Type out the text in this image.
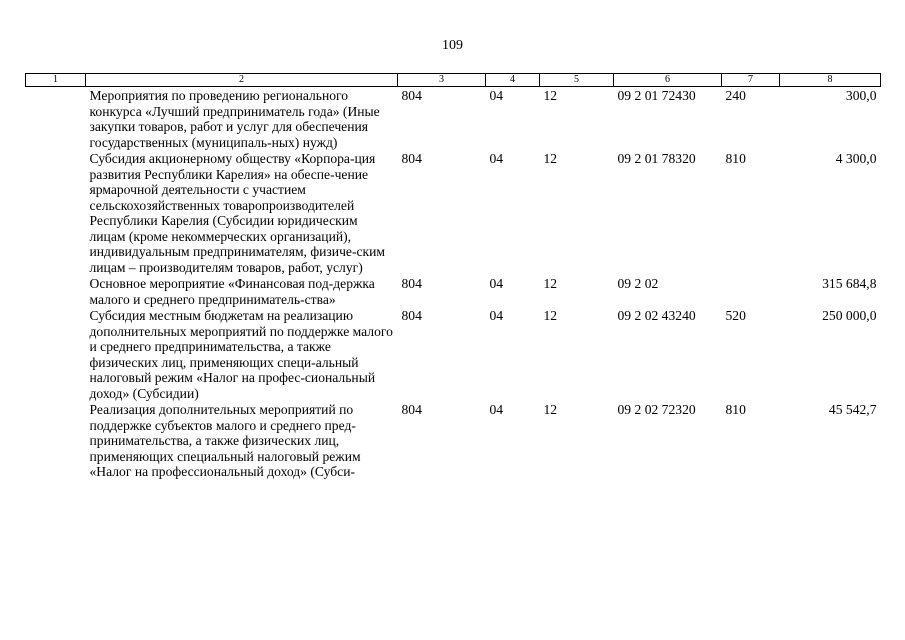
109
1	2	3	4	5	6	7	8
	Мероприятия по проведению регионального конкурса «Лучший предприниматель года» (Иные закупки товаров, работ и услуг для обеспечения государственных (муниципаль-ных) нужд)	804	04	12	09 2 01 72430	240	300,0
	Субсидия акционерному обществу «Корпора-ция развития Республики Карелия» на обеспе-чение ярмарочной деятельности с участием сельскохозяйственных товаропроизводителей Республики Карелия (Субсидии юридическим лицам (кроме некоммерческих организаций), индивидуальным предпринимателям, физиче-ским лицам – производителям товаров, работ, услуг)	804	04	12	09 2 01 78320	810	4 300,0
	Основное мероприятие «Финансовая под-держка малого и среднего предприниматель-ства»	804	04	12	09 2 02		315 684,8
	Субсидия местным бюджетам на реализацию дополнительных мероприятий по поддержке малого и среднего предпринимательства, а также физических лиц, применяющих специ-альный налоговый режим «Налог на профес-сиональный доход» (Субсидии)	804	04	12	09 2 02 43240	520	250 000,0
	Реализация дополнительных мероприятий по поддержке субъектов малого и среднего пред-принимательства, а также физических лиц, применяющих специальный налоговый режим «Налог на профессиональный доход» (Субси-	804	04	12	09 2 02 72320	810	45 542,7
